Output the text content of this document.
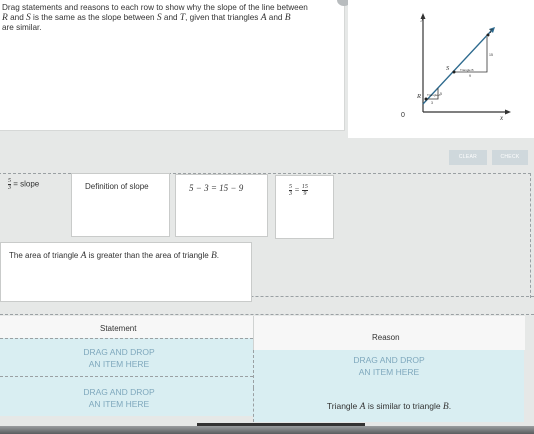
Drag statements and reasons to each row to show why the slope of the line between
R and S is the same as the slope between S and T, given that triangles A and B
are similar.
y
x
0
R
S
T
Triangle A
Triangle B
5
3
15
9
CLEAR	CHECK
$\frac{5}{3}$ = slope	Definition of slope	5 − 3 = 15 − 9	$\frac{5}{3} = \frac{15}{9}$
The area of triangle A is greater than the area of triangle B.
Statement
Reason
DRAG AND DROP
AN ITEM HERE	DRAG AND DROP
AN ITEM HERE
DRAG AND DROP
AN ITEM HERE	Triangle A is similar to triangle B.
